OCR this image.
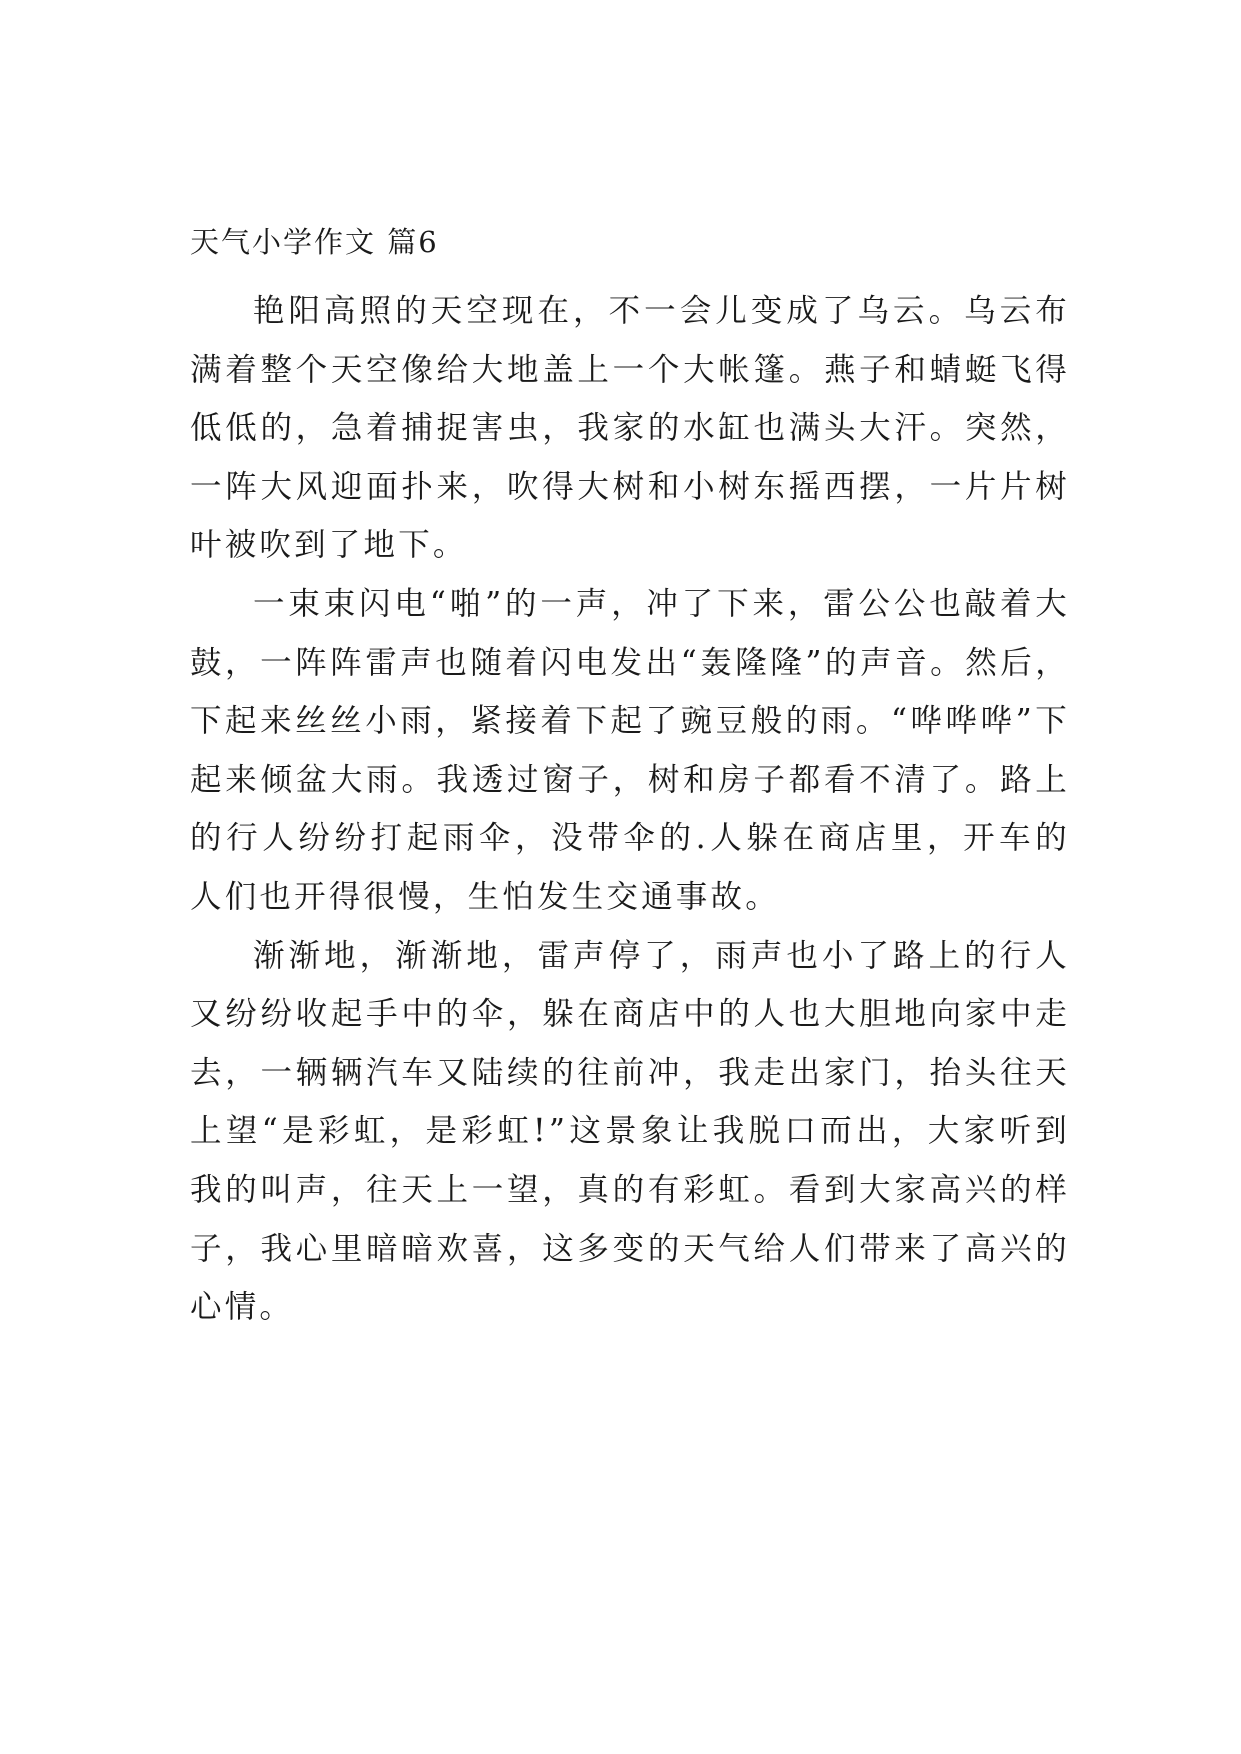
天气小学作文 篇6

艳阳高照的天空现在，不一会儿变成了乌云。乌云布满着整个天空像给大地盖上一个大帐篷。燕子和蜻蜓飞得低低的，急着捕捉害虫，我家的水缸也满头大汗。突然，一阵大风迎面扑来，吹得大树和小树东摇西摆，一片片树叶被吹到了地下。

一束束闪电“啪”的一声，冲了下来，雷公公也敲着大鼓，一阵阵雷声也随着闪电发出“轰隆隆”的声音。然后，下起来丝丝小雨，紧接着下起了豌豆般的雨。“哗哗哗”下起来倾盆大雨。我透过窗子，树和房子都看不清了。路上的行人纷纷打起雨伞，没带伞的.人躲在商店里，开车的人们也开得很慢，生怕发生交通事故。

渐渐地，渐渐地，雷声停了，雨声也小了路上的行人又纷纷收起手中的伞，躲在商店中的人也大胆地向家中走去，一辆辆汽车又陆续的往前冲，我走出家门，抬头往天上望“是彩虹，是彩虹!”这景象让我脱口而出，大家听到我的叫声，往天上一望，真的有彩虹。看到大家高兴的样子，我心里暗暗欢喜，这多变的天气给人们带来了高兴的心情。
